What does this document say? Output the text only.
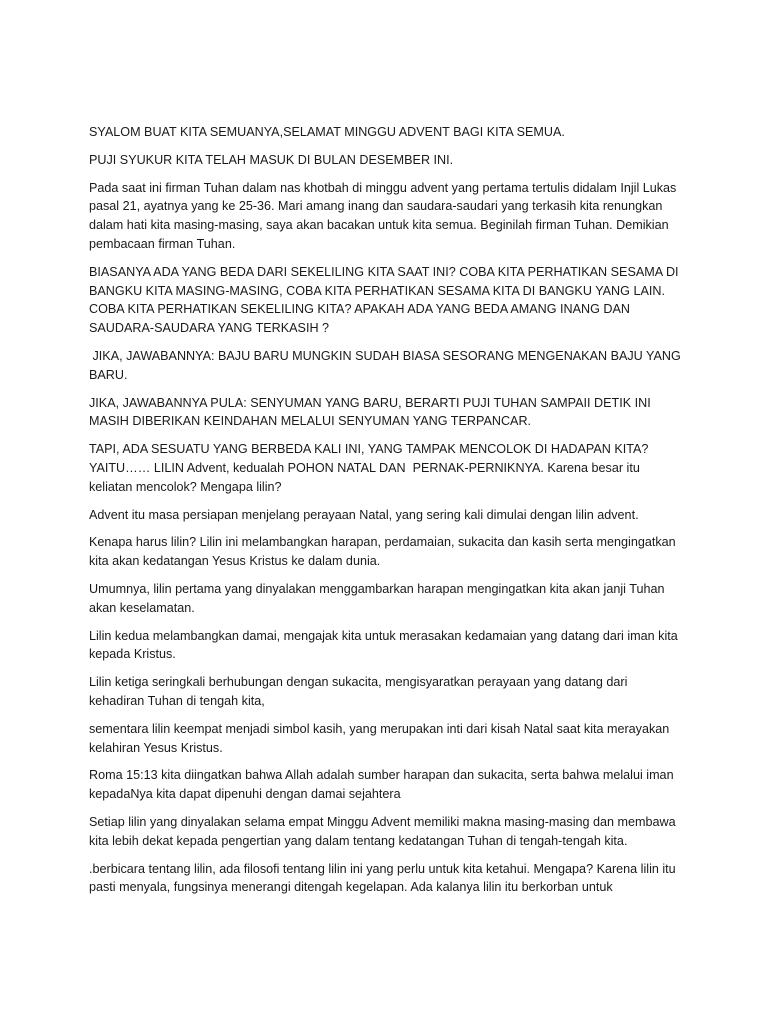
SYALOM BUAT KITA SEMUANYA,SELAMAT MINGGU ADVENT BAGI KITA SEMUA.

PUJI SYUKUR KITA TELAH MASUK DI BULAN DESEMBER INI.

Pada saat ini firman Tuhan dalam nas khotbah di minggu advent yang pertama tertulis didalam Injil Lukas pasal 21, ayatnya yang ke 25-36. Mari amang inang dan saudara-saudari yang terkasih kita renungkan dalam hati kita masing-masing, saya akan bacakan untuk kita semua. Beginilah firman Tuhan. Demikian pembacaan firman Tuhan.

BIASANYA ADA YANG BEDA DARI SEKELILING KITA SAAT INI? COBA KITA PERHATIKAN SESAMA DI BANGKU KITA MASING-MASING, COBA KITA PERHATIKAN SESAMA KITA DI BANGKU YANG LAIN. COBA KITA PERHATIKAN SEKELILING KITA? APAKAH ADA YANG BEDA AMANG INANG DAN SAUDARA-SAUDARA YANG TERKASIH ?

JIKA, JAWABANNYA: BAJU BARU MUNGKIN SUDAH BIASA SESORANG MENGENAKAN BAJU YANG BARU.

JIKA, JAWABANNYA PULA: SENYUMAN YANG BARU, BERARTI PUJI TUHAN SAMPAII DETIK INI MASIH DIBERIKAN KEINDAHAN MELALUI SENYUMAN YANG TERPANCAR.

TAPI, ADA SESUATU YANG BERBEDA KALI INI, YANG TAMPAK MENCOLOK DI HADAPAN KITA? YAITU…… LILIN Advent, kedualah POHON NATAL DAN  PERNAK-PERNIKNYA. Karena besar itu keliatan mencolok? Mengapa lilin?

Advent itu masa persiapan menjelang perayaan Natal, yang sering kali dimulai dengan lilin advent.

Kenapa harus lilin? Lilin ini melambangkan harapan, perdamaian, sukacita dan kasih serta mengingatkan kita akan kedatangan Yesus Kristus ke dalam dunia.

Umumnya, lilin pertama yang dinyalakan menggambarkan harapan mengingatkan kita akan janji Tuhan akan keselamatan.

Lilin kedua melambangkan damai, mengajak kita untuk merasakan kedamaian yang datang dari iman kita kepada Kristus.

Lilin ketiga seringkali berhubungan dengan sukacita, mengisyaratkan perayaan yang datang dari kehadiran Tuhan di tengah kita,

sementara lilin keempat menjadi simbol kasih, yang merupakan inti dari kisah Natal saat kita merayakan kelahiran Yesus Kristus.

Roma 15:13 kita diingatkan bahwa Allah adalah sumber harapan dan sukacita, serta bahwa melalui iman kepadaNya kita dapat dipenuhi dengan damai sejahtera

Setiap lilin yang dinyalakan selama empat Minggu Advent memiliki makna masing-masing dan membawa kita lebih dekat kepada pengertian yang dalam tentang kedatangan Tuhan di tengah-tengah kita.

.berbicara tentang lilin, ada filosofi tentang lilin ini yang perlu untuk kita ketahui. Mengapa? Karena lilin itu pasti menyala, fungsinya menerangi ditengah kegelapan. Ada kalanya lilin itu berkorban untuk
